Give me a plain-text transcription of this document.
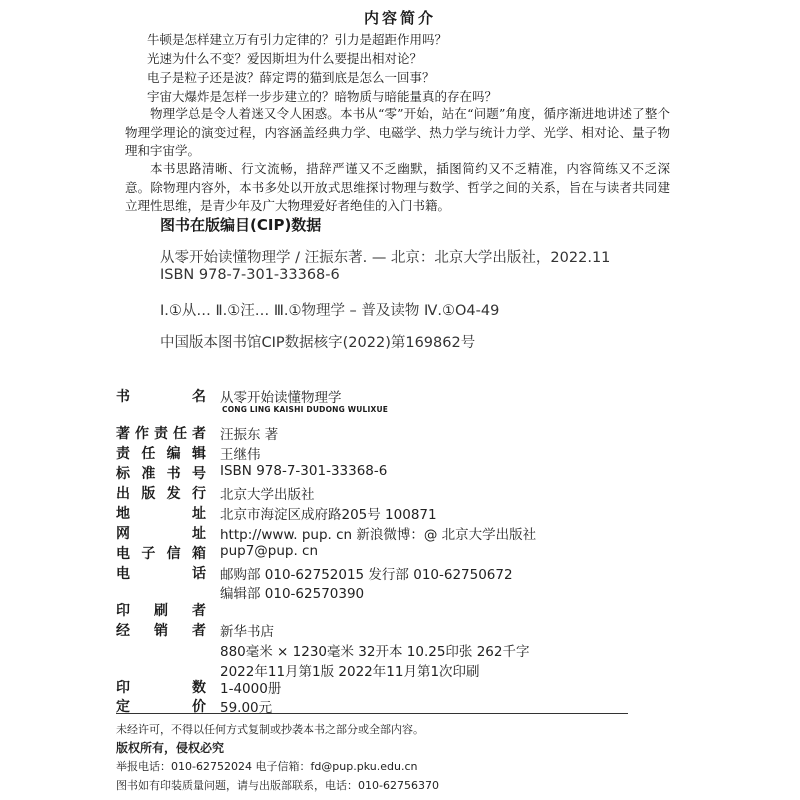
内容简介
牛顿是怎样建立万有引力定律的？引力是超距作用吗？
光速为什么不变？爱因斯坦为什么要提出相对论？
电子是粒子还是波？薛定谔的猫到底是怎么一回事？
宇宙大爆炸是怎样一步步建立的？暗物质与暗能量真的存在吗？
物理学总是令人着迷又令人困惑。本书从“零”开始，站在“问题”角度，循序渐进地讲述了整个物理学理论的演变过程，内容涵盖经典力学、电磁学、热力学与统计力学、光学、相对论、量子物理和宇宙学。
本书思路清晰、行文流畅，措辞严谨又不乏幽默，插图简约又不乏精准，内容简练又不乏深意。除物理内容外，本书多处以开放式思维探讨物理与数学、哲学之间的关系，旨在与读者共同建立理性思维，是青少年及广大物理爱好者绝佳的入门书籍。
图书在版编目(CIP)数据
从零开始读懂物理学 / 汪振东著. — 北京：北京大学出版社，2022.11
ISBN 978-7-301-33368-6
Ⅰ.①从… Ⅱ.①汪… Ⅲ.①物理学 – 普及读物 Ⅳ.①O4-49
中国版本图书馆CIP数据核字(2022)第169862号
书	名 从零开始读懂物理学
CONG LING KAISHI DUDONG WULIXUE
著 作 责 任 者 汪振东 著
责 任 编 辑 王继伟
标 准 书 号 ISBN 978-7-301-33368-6
出 版 发 行 北京大学出版社
地	址 北京市海淀区成府路205号 100871
网	址 http://www. pup. cn 新浪微博：@ 北京大学出版社
电 子 信 箱 pup7@pup. cn
电	话 邮购部 010-62752015 发行部 010-62750672
编辑部 010-62570390
印 刷 者
经 销 者 新华书店
880毫米 × 1230毫米 32开本 10.25印张 262千字
2022年11月第1版 2022年11月第1次印刷
印	数 1-4000册
定	价 59.00元
未经许可，不得以任何方式复制或抄袭本书之部分或全部内容。
版权所有，侵权必究
举报电话：010-62752024 电子信箱：fd@pup.pku.edu.cn
图书如有印装质量问题，请与出版部联系，电话：010-62756370
